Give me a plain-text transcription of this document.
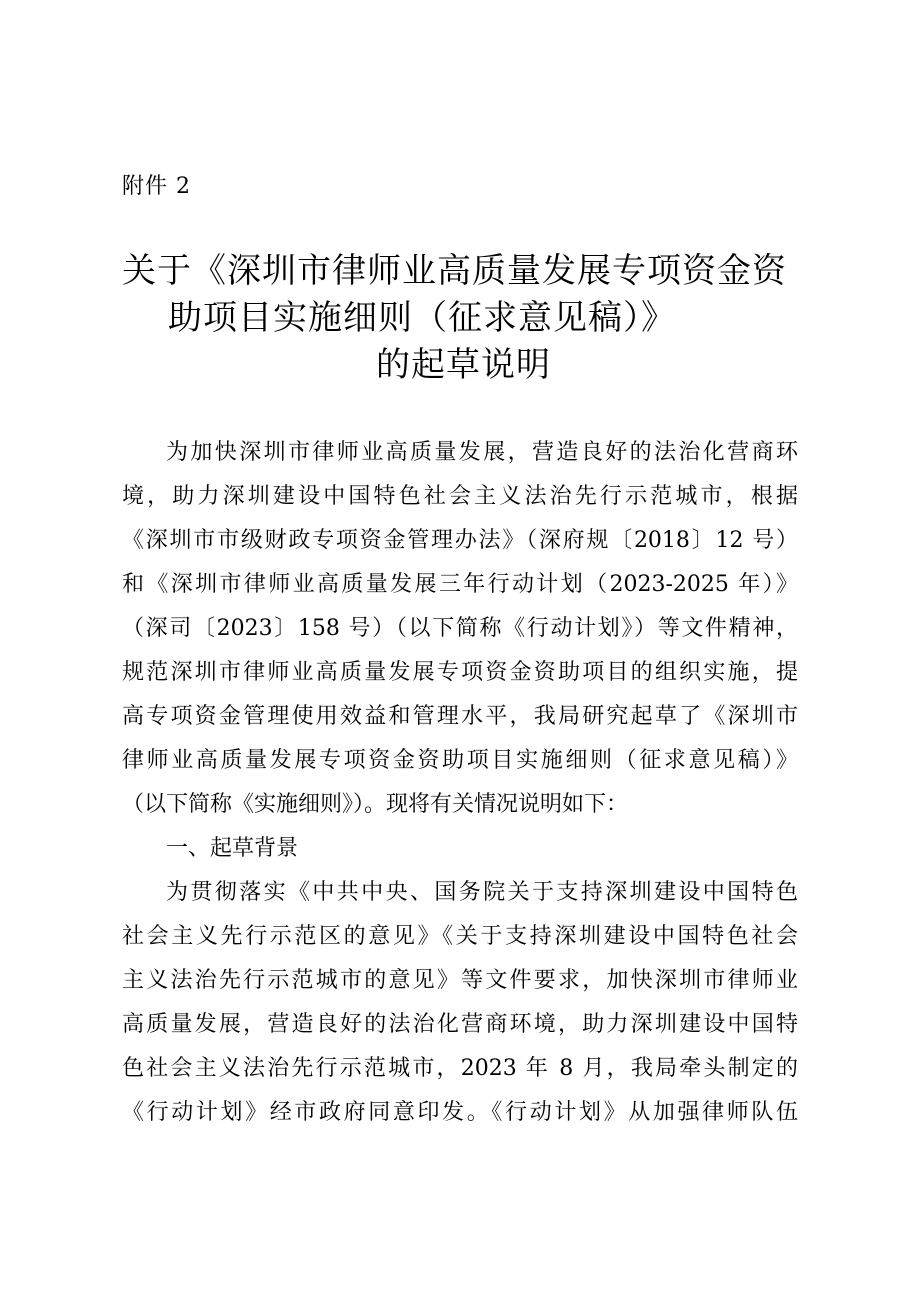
附件 2
关于《深圳市律师业高质量发展专项资金资
助项目实施细则（征求意见稿）》
的起草说明
为加快深圳市律师业高质量发展，营造良好的法治化营商环
境，助力深圳建设中国特色社会主义法治先行示范城市，根据
《深圳市市级财政专项资金管理办法》（深府规〔2018〕12 号）
和《深圳市律师业高质量发展三年行动计划（2023-2025 年）》
（深司〔2023〕158 号）（以下简称《行动计划》）等文件精神，
规范深圳市律师业高质量发展专项资金资助项目的组织实施，提
高专项资金管理使用效益和管理水平，我局研究起草了《深圳市
律师业高质量发展专项资金资助项目实施细则（征求意见稿）》
（以下简称《实施细则》）。现将有关情况说明如下：
一、起草背景
为贯彻落实《中共中央、国务院关于支持深圳建设中国特色
社会主义先行示范区的意见》《关于支持深圳建设中国特色社会
主义法治先行示范城市的意见》等文件要求，加快深圳市律师业
高质量发展，营造良好的法治化营商环境，助力深圳建设中国特
色社会主义法治先行示范城市，2023 年 8 月，我局牵头制定的
《行动计划》经市政府同意印发。《行动计划》从加强律师队伍
